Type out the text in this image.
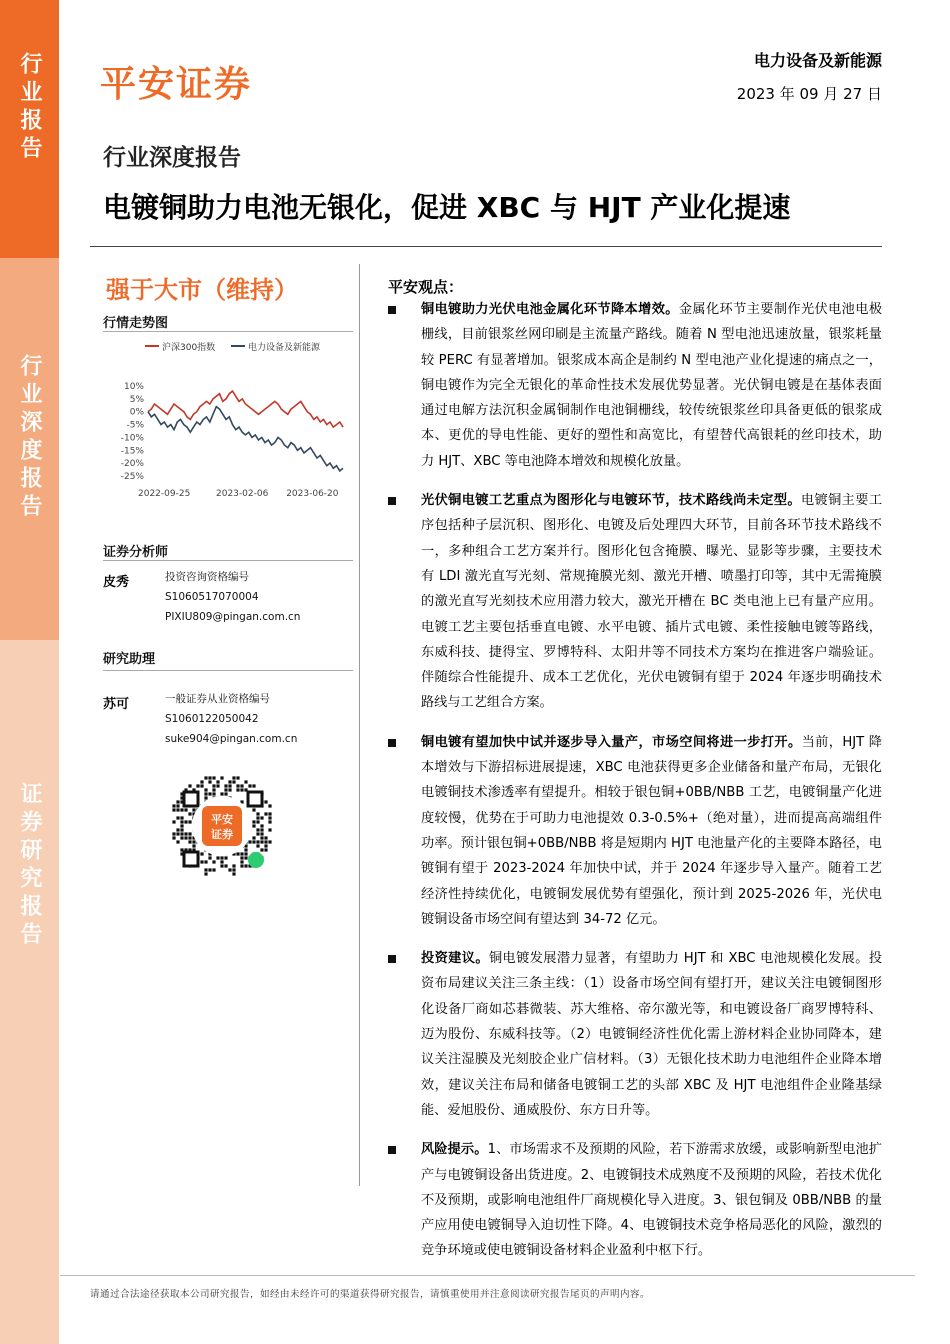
行业报告
行业深度报告
证券研究报告
平安证券
电力设备及新能源
2023 年 09 月 27 日
行业深度报告
电镀铜助力电池无银化，促进 XBC 与 HJT 产业化提速
强于大市（维持）
行情走势图
沪深300指数	电力设备及新能源
10%
5%
0%
-5%
-10%
-15%
-20%
-25%
2022-09-25	2023-02-06 2023-06-20
证券分析师
皮秀	投资咨询资格编号
S1060517070004
PIXIU809@pingan.com.cn
研究助理
苏可	一般证券从业资格编号
S1060122050042
suke904@pingan.com.cn
平安
证券
平安观点：
铜电镀助力光伏电池金属化环节降本增效。金属化环节主要制作光伏电池电极栅线，目前银浆丝网印刷是主流量产路线。随着 N 型电池迅速放量，银浆耗量较 PERC 有显著增加。银浆成本高企是制约 N 型电池产业化提速的痛点之一，铜电镀作为完全无银化的革命性技术发展优势显著。光伏铜电镀是在基体表面通过电解方法沉积金属铜制作电池铜栅线，较传统银浆丝印具备更低的银浆成本、更优的导电性能、更好的塑性和高宽比，有望替代高银耗的丝印技术，助力 HJT、XBC 等电池降本增效和规模化放量。
光伏铜电镀工艺重点为图形化与电镀环节，技术路线尚未定型。电镀铜主要工序包括种子层沉积、图形化、电镀及后处理四大环节，目前各环节技术路线不一，多种组合工艺方案并行。图形化包含掩膜、曝光、显影等步骤，主要技术有 LDI 激光直写光刻、常规掩膜光刻、激光开槽、喷墨打印等，其中无需掩膜的激光直写光刻技术应用潜力较大，激光开槽在 BC 类电池上已有量产应用。电镀工艺主要包括垂直电镀、水平电镀、插片式电镀、柔性接触电镀等路线，东威科技、捷得宝、罗博特科、太阳井等不同技术方案均在推进客户端验证。伴随综合性能提升、成本工艺优化，光伏电镀铜有望于 2024 年逐步明确技术路线与工艺组合方案。
铜电镀有望加快中试并逐步导入量产，市场空间将进一步打开。当前，HJT 降本增效与下游招标进展提速，XBC 电池获得更多企业储备和量产布局，无银化电镀铜技术渗透率有望提升。相较于银包铜+0BB/NBB 工艺，电镀铜量产化进度较慢，优势在于可助力电池提效 0.3-0.5%+（绝对量），进而提高高端组件功率。预计银包铜+0BB/NBB 将是短期内 HJT 电池量产化的主要降本路径，电镀铜有望于 2023-2024 年加快中试，并于 2024 年逐步导入量产。随着工艺经济性持续优化，电镀铜发展优势有望强化，预计到 2025-2026 年，光伏电镀铜设备市场空间有望达到 34-72 亿元。
投资建议。铜电镀发展潜力显著，有望助力 HJT 和 XBC 电池规模化发展。投资布局建议关注三条主线：（1）设备市场空间有望打开，建议关注电镀铜图形化设备厂商如芯碁微装、苏大维格、帝尔激光等，和电镀设备厂商罗博特科、迈为股份、东威科技等。（2）电镀铜经济性优化需上游材料企业协同降本，建议关注湿膜及光刻胶企业广信材料。（3）无银化技术助力电池组件企业降本增效，建议关注布局和储备电镀铜工艺的头部 XBC 及 HJT 电池组件企业隆基绿能、爱旭股份、通威股份、东方日升等。
风险提示。1、市场需求不及预期的风险，若下游需求放缓，或影响新型电池扩产与电镀铜设备出货进度。2、电镀铜技术成熟度不及预期的风险，若技术优化不及预期，或影响电池组件厂商规模化导入进度。3、银包铜及 0BB/NBB 的量产应用使电镀铜导入迫切性下降。4、电镀铜技术竞争格局恶化的风险，激烈的竞争环境或使电镀铜设备材料企业盈利中枢下行。
请通过合法途径获取本公司研究报告，如经由未经许可的渠道获得研究报告，请慎重使用并注意阅读研究报告尾页的声明内容。
